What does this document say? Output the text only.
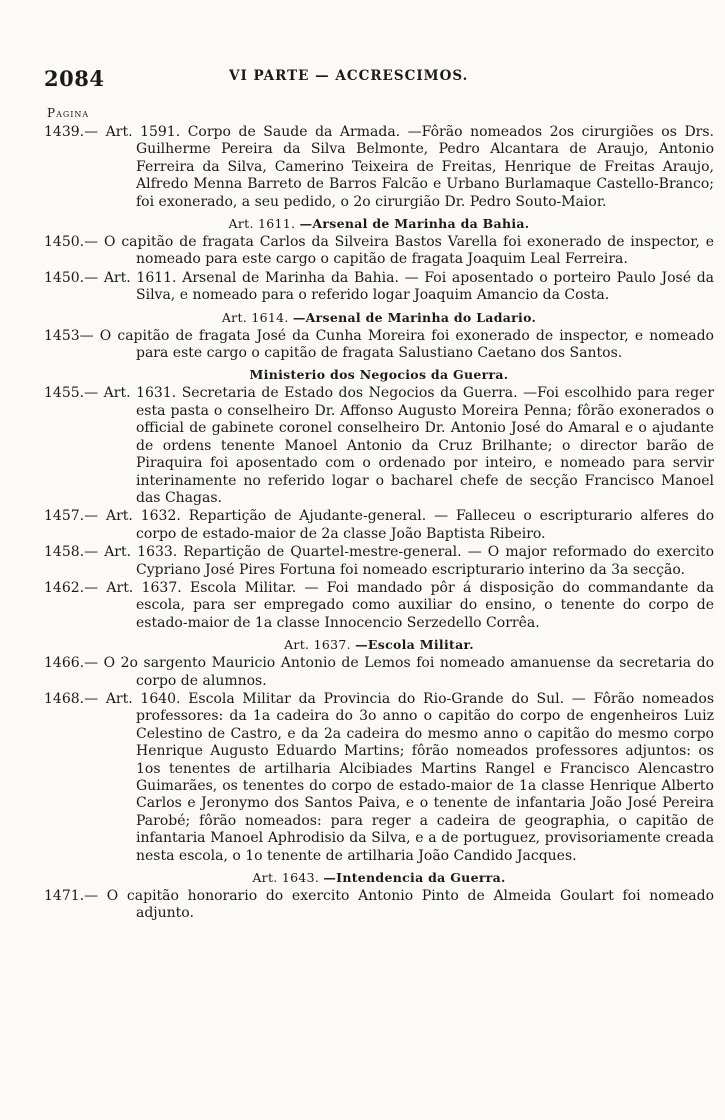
2084	VI PARTE — ACCRESCIMOS.
Pagina

1439.— Art. 1591. Corpo de Saude da Armada. —Fôrão nomeados 2os cirurgiões os Drs. Guilherme Pereira da Silva Belmonte, Pedro Alcantara de Araujo, Antonio Ferreira da Silva, Camerino Teixeira de Freitas, Henrique de Freitas Araujo, Alfredo Menna Barreto de Barros Falcão e Urbano Burlamaque Castello-Branco; foi exonerado, a seu pedido, o 2o cirurgião Dr. Pedro Souto-Maior.

Art. 1611. —Arsenal de Marinha da Bahia.

1450.— O capitão de fragata Carlos da Silveira Bastos Varella foi exonerado de inspector, e nomeado para este cargo o capitão de fragata Joaquim Leal Ferreira.

1450.— Art. 1611. Arsenal de Marinha da Bahia. — Foi aposentado o porteiro Paulo José da Silva, e nomeado para o referido logar Joaquim Amancio da Costa.

Art. 1614. —Arsenal de Marinha do Ladario.

1453— O capitão de fragata José da Cunha Moreira foi exonerado de inspector, e nomeado para este cargo o capitão de fragata Salustiano Caetano dos Santos.

Ministerio dos Negocios da Guerra.

1455.— Art. 1631. Secretaria de Estado dos Negocios da Guerra. —Foi escolhido para reger esta pasta o conselheiro Dr. Affonso Augusto Moreira Penna; fôrão exonerados o official de gabinete coronel conselheiro Dr. Antonio José do Amaral e o ajudante de ordens tenente Manoel Antonio da Cruz Brilhante; o director barão de Piraquira foi aposentado com o ordenado por inteiro, e nomeado para servir interinamente no referido logar o bacharel chefe de secção Francisco Manoel das Chagas.

1457.— Art. 1632. Repartição de Ajudante-general. — Falleceu o escripturario alferes do corpo de estado-maior de 2a classe João Baptista Ribeiro.

1458.— Art. 1633. Repartição de Quartel-mestre-general. — O major reformado do exercito Cypriano José Pires Fortuna foi nomeado escripturario interino da 3a secção.

1462.— Art. 1637. Escola Militar. — Foi mandado pôr á disposição do commandante da escola, para ser empregado como auxiliar do ensino, o tenente do corpo de estado-maior de 1a classe Innocencio Serzedello Corrêa.

Art. 1637. —Escola Militar.

1466.— O 2o sargento Mauricio Antonio de Lemos foi nomeado amanuense da secretaria do corpo de alumnos.

1468.— Art. 1640. Escola Militar da Provincia do Rio-Grande do Sul. — Fôrão nomeados professores: da 1a cadeira do 3o anno o capitão do corpo de engenheiros Luiz Celestino de Castro, e da 2a cadeira do mesmo anno o capitão do mesmo corpo Henrique Augusto Eduardo Martins; fôrão nomeados professores adjuntos: os 1os tenentes de artilharia Alcibiades Martins Rangel e Francisco Alencastro Guimarães, os tenentes do corpo de estado-maior de 1a classe Henrique Alberto Carlos e Jeronymo dos Santos Paiva, e o tenente de infantaria João José Pereira Parobé; fôrão nomeados: para reger a cadeira de geographia, o capitão de infantaria Manoel Aphrodisio da Silva, e a de portuguez, provisoriamente creada nesta escola, o 1o tenente de artilharia João Candido Jacques.

Art. 1643. —Intendencia da Guerra.

1471.— O capitão honorario do exercito Antonio Pinto de Almeida Goulart foi nomeado adjunto.
